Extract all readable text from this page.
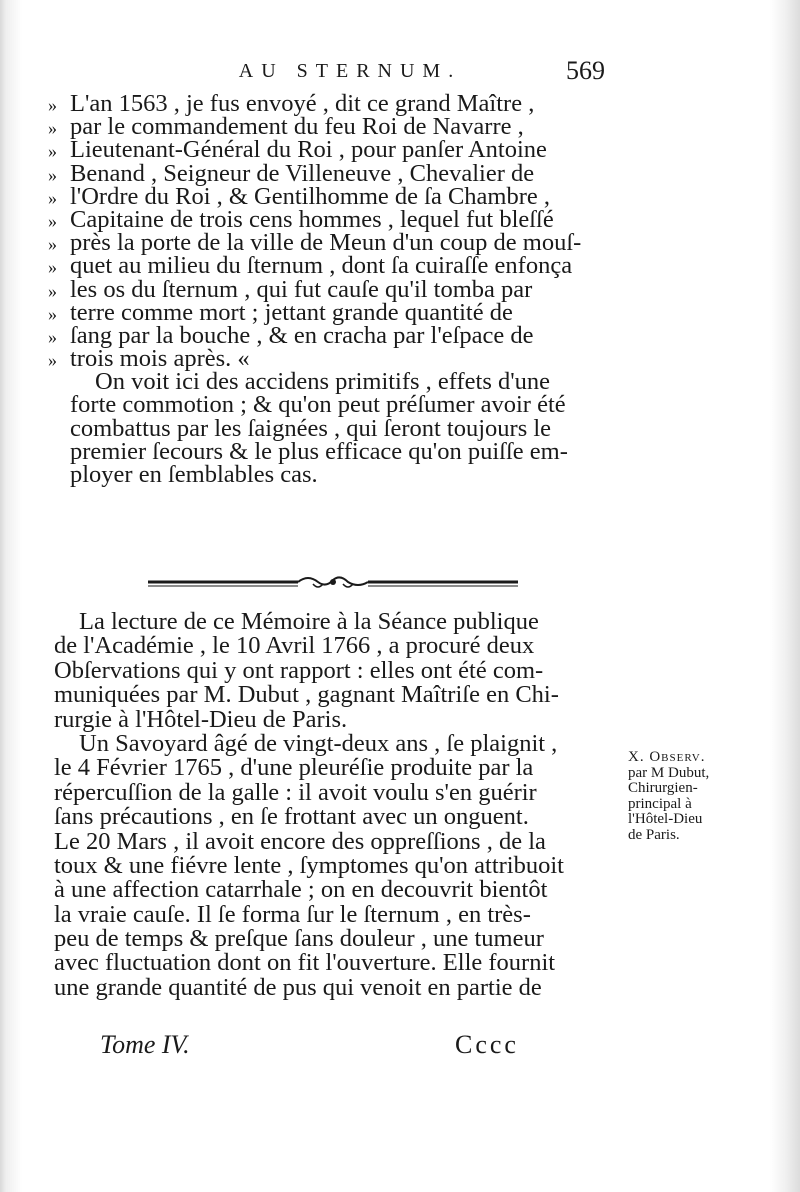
AU STERNUM.	569
» L'an 1563 , je fus envoyé , dit ce grand Maître ,
» par le commandement du feu Roi de Navarre ,
» Lieutenant-Général du Roi , pour panſer Antoine
» Benand , Seigneur de Villeneuve , Chevalier de
» l'Ordre du Roi , & Gentilhomme de ſa Chambre ,
» Capitaine de trois cens hommes , lequel fut bleſſé
» près la porte de la ville de Meun d'un coup de mouſ-
» quet au milieu du ſternum , dont ſa cuiraſſe enfonça
» les os du ſternum , qui fut cauſe qu'il tomba par
» terre comme mort ; jettant grande quantité de
» ſang par la bouche , & en cracha par l'eſpace de
» trois mois après. «
On voit ici des accidens primitifs , effets d'une
forte commotion ; & qu'on peut préſumer avoir été
combattus par les ſaignées , qui ſeront toujours le
premier ſecours & le plus efficace qu'on puiſſe em-
ployer en ſemblables cas.
La lecture de ce Mémoire à la Séance publique
de l'Académie , le 10 Avril 1766 , a procuré deux
Obſervations qui y ont rapport : elles ont été com-
muniquées par M. Dubut , gagnant Maîtriſe en Chi-
rurgie à l'Hôtel-Dieu de Paris.
Un Savoyard âgé de vingt-deux ans , ſe plaignit ,
le 4 Février 1765 , d'une pleuréſie produite par la
répercuſſion de la galle : il avoit voulu s'en guérir
ſans précautions , en ſe frottant avec un onguent.
Le 20 Mars , il avoit encore des oppreſſions , de la
toux & une fiévre lente , ſymptomes qu'on attribuoit
à une affection catarrhale ; on en decouvrit bientôt
la vraie cauſe. Il ſe forma ſur le ſternum , en très-
peu de temps & preſque ſans douleur , une tumeur
avec fluctuation dont on fit l'ouverture. Elle fournit
une grande quantité de pus qui venoit en partie de
X. Observ.
par M Dubut,
Chirurgien-
principal à
l'Hôtel-Dieu
de Paris.
Tome IV.	Cccc
